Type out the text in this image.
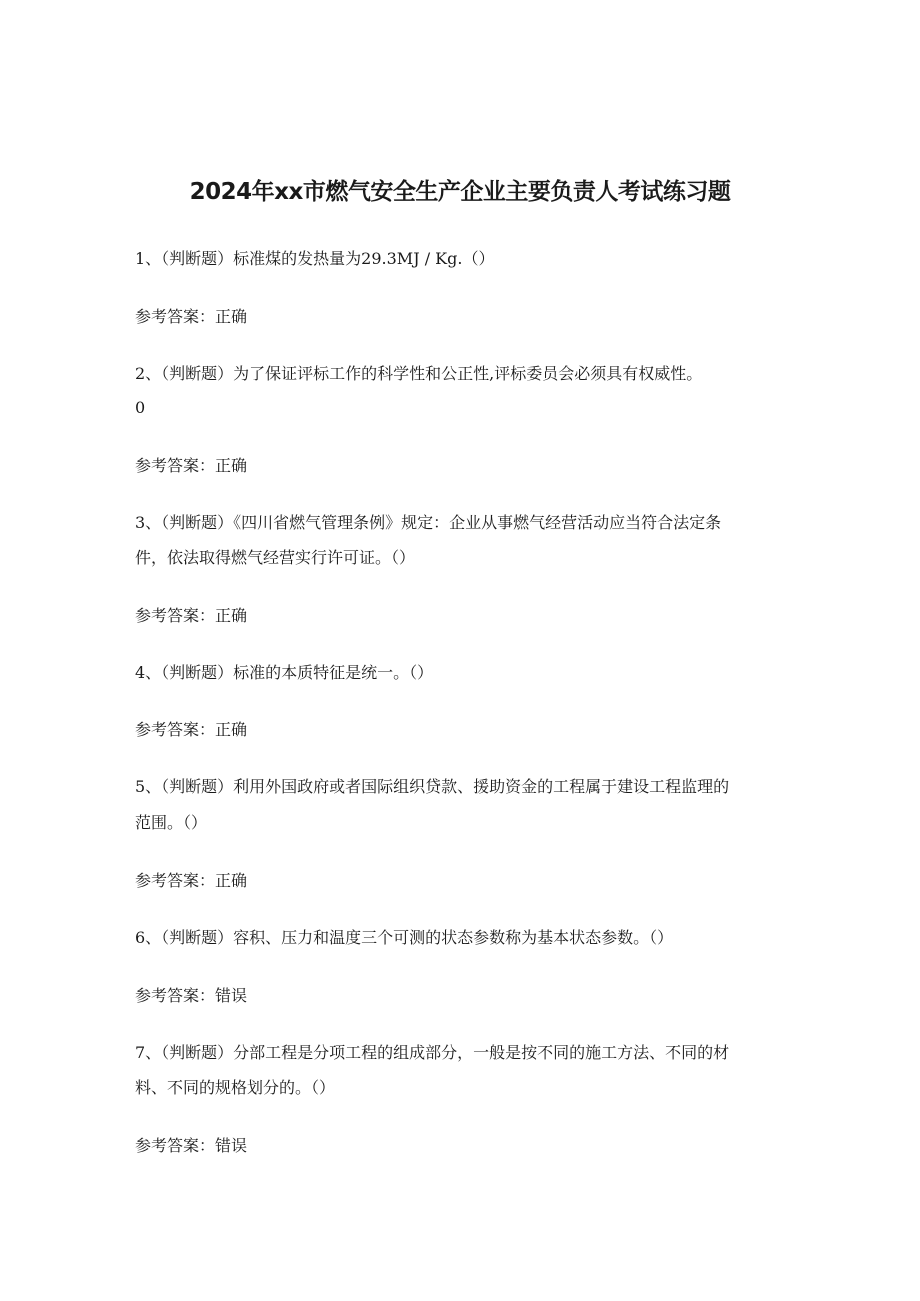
2024年xx市燃气安全生产企业主要负责人考试练习题
1、（判断题）标准煤的发热量为29.3MJ / Kg.（）
参考答案：正确
2、（判断题）为了保证评标工作的科学性和公正性,评标委员会必须具有权威性。
0
参考答案：正确
3、（判断题）《四川省燃气管理条例》规定：企业从事燃气经营活动应当符合法定条
件，依法取得燃气经营实行许可证。（）
参考答案：正确
4、（判断题）标准的本质特征是统一。（）
参考答案：正确
5、（判断题）利用外国政府或者国际组织贷款、援助资金的工程属于建设工程监理的
范围。（）
参考答案：正确
6、（判断题）容积、压力和温度三个可测的状态参数称为基本状态参数。（）
参考答案：错误
7、（判断题）分部工程是分项工程的组成部分，一般是按不同的施工方法、不同的材
料、不同的规格划分的。（）
参考答案：错误
